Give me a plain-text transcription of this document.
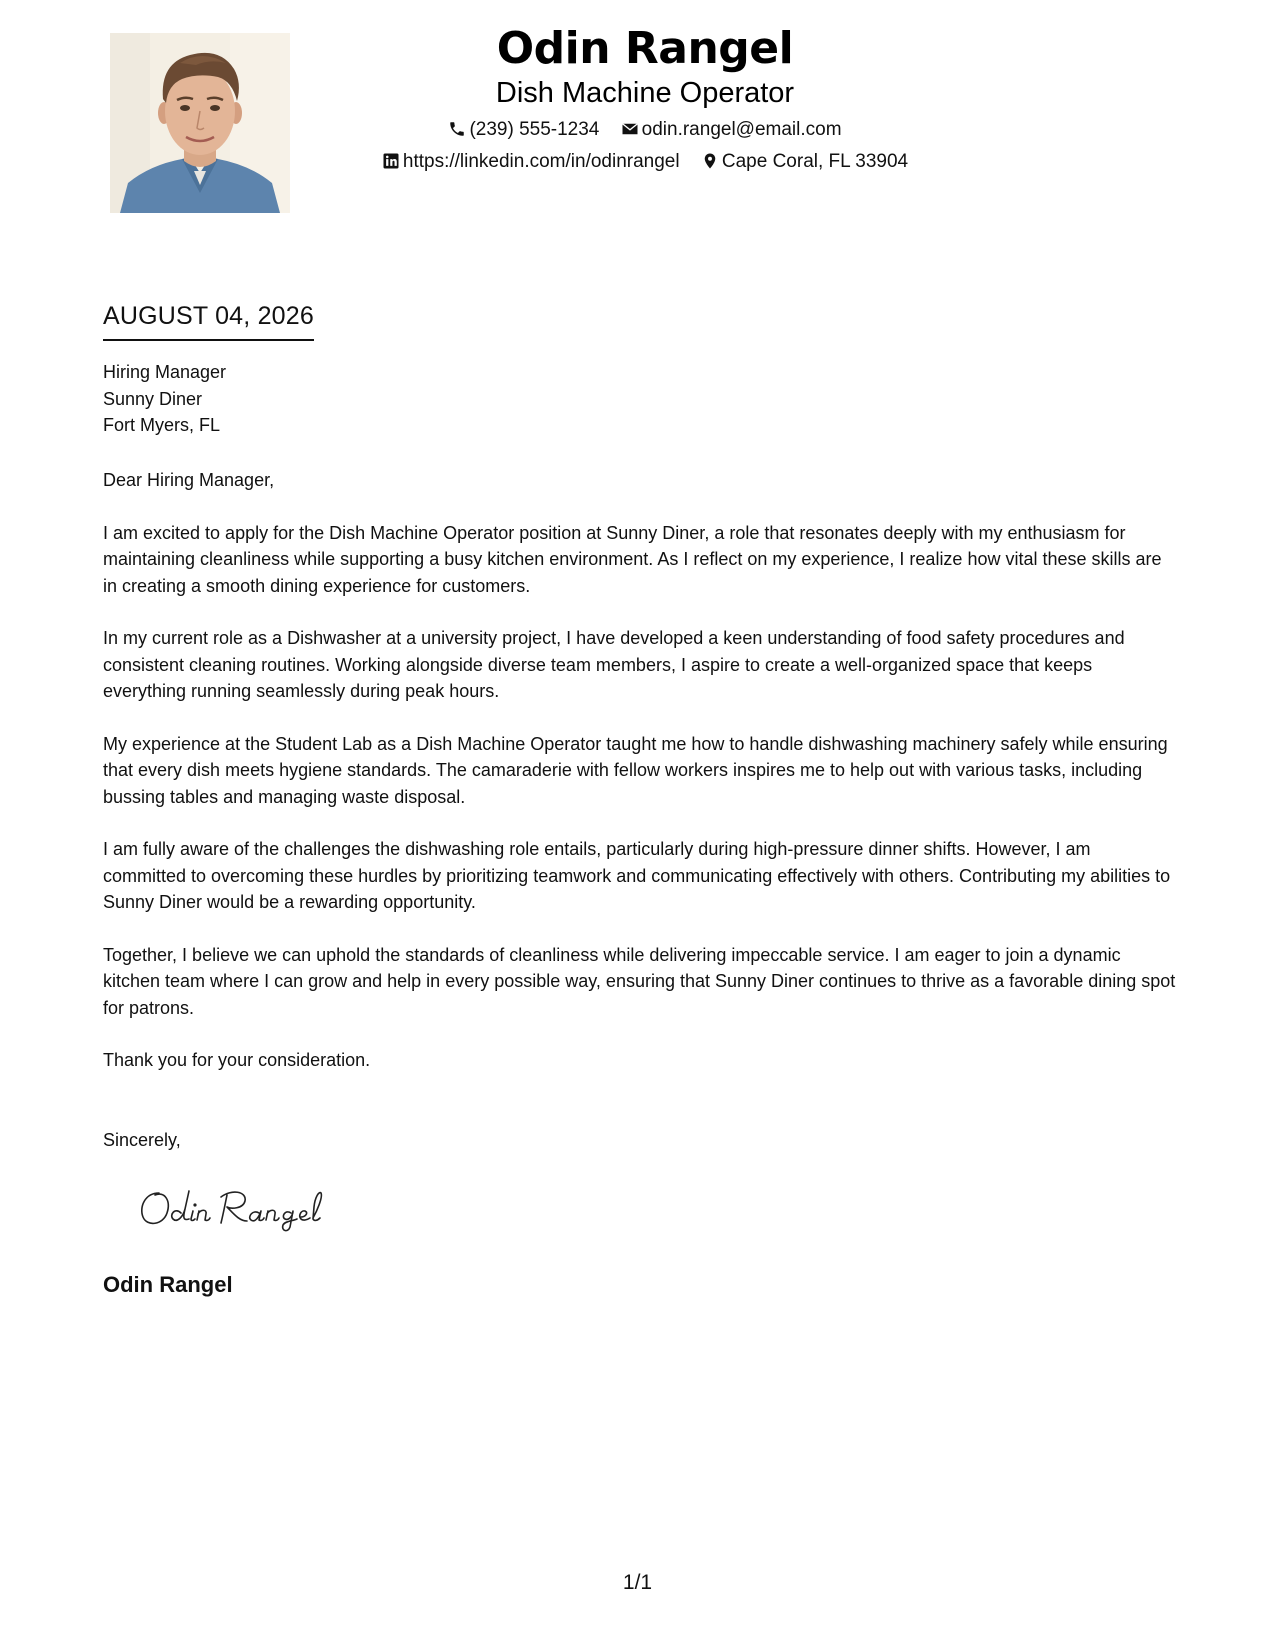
Odin Rangel
Dish Machine Operator
(239) 555-1234 odin.rangel@email.com
https://linkedin.com/in/odinrangel Cape Coral, FL 33904
AUGUST 04, 2026
Hiring Manager
Sunny Diner
Fort Myers, FL

Dear Hiring Manager,

I am excited to apply for the Dish Machine Operator position at Sunny Diner, a role that resonates deeply with my enthusiasm for maintaining cleanliness while supporting a busy kitchen environment. As I reflect on my experience, I realize how vital these skills are in creating a smooth dining experience for customers.

In my current role as a Dishwasher at a university project, I have developed a keen understanding of food safety procedures and consistent cleaning routines. Working alongside diverse team members, I aspire to create a well-organized space that keeps everything running seamlessly during peak hours.

My experience at the Student Lab as a Dish Machine Operator taught me how to handle dishwashing machinery safely while ensuring that every dish meets hygiene standards. The camaraderie with fellow workers inspires me to help out with various tasks, including bussing tables and managing waste disposal.

I am fully aware of the challenges the dishwashing role entails, particularly during high-pressure dinner shifts. However, I am committed to overcoming these hurdles by prioritizing teamwork and communicating effectively with others. Contributing my abilities to Sunny Diner would be a rewarding opportunity.

Together, I believe we can uphold the standards of cleanliness while delivering impeccable service. I am eager to join a dynamic kitchen team where I can grow and help in every possible way, ensuring that Sunny Diner continues to thrive as a favorable dining spot for patrons.

Thank you for your consideration.

Sincerely,
Odin Rangel
1/1
